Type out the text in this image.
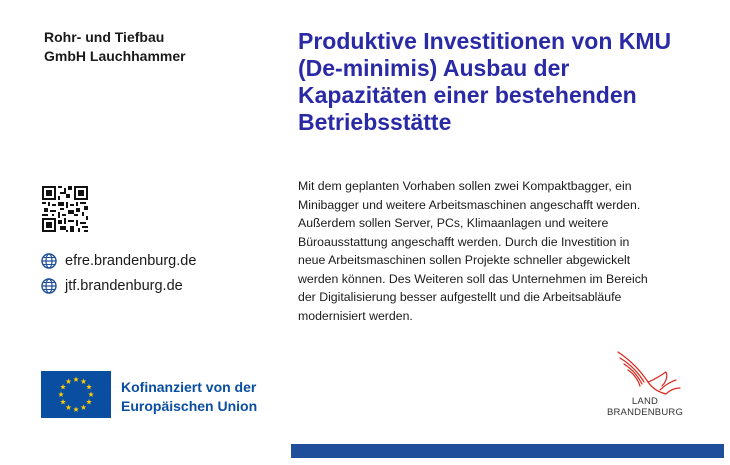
Rohr- und Tiefbau
GmbH Lauchhammer
Produktive Investitionen von KMU
(De-minimis) Ausbau der
Kapazitäten einer bestehenden
Betriebsstätte
Mit dem geplanten Vorhaben sollen zwei Kompaktbagger, ein
Minibagger und weitere Arbeitsmaschinen angeschafft werden.
Außerdem sollen Server, PCs, Klimaanlagen und weitere
Büroausstattung angeschafft werden. Durch die Investition in
neue Arbeitsmaschinen sollen Projekte schneller abgewickelt
werden können. Des Weiteren soll das Unternehmen im Bereich
der Digitalisierung besser aufgestellt und die Arbeitsabläufe
modernisiert werden.
efre.brandenburg.de
jtf.brandenburg.de
Kofinanziert von der
Europäischen Union	LAND
BRANDENBURG
